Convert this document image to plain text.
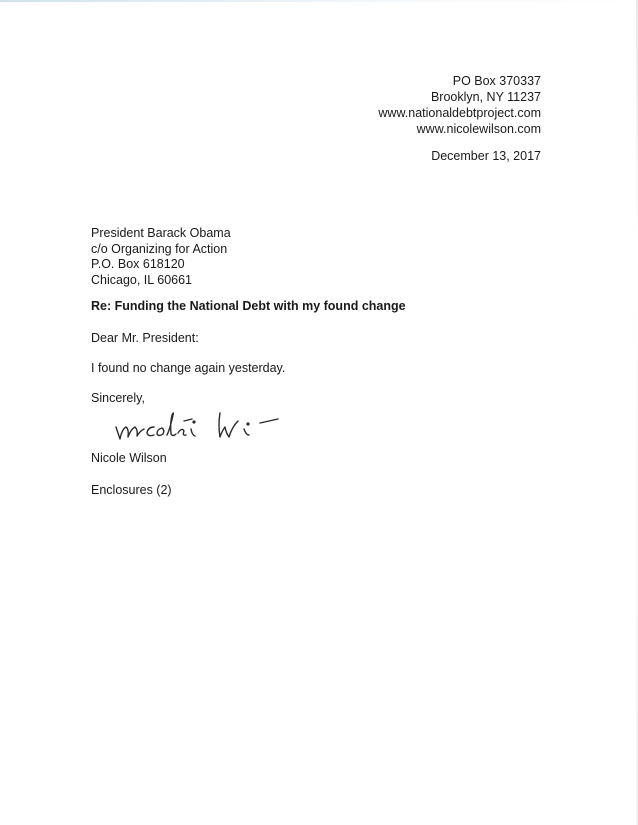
PO Box 370337
Brooklyn, NY 11237
www.nationaldebtproject.com
www.nicolewilson.com
December 13, 2017
President Barack Obama
c/o Organizing for Action
P.O. Box 618120
Chicago, IL 60661
Re: Funding the National Debt with my found change
Dear Mr. President:
I found no change again yesterday.
Sincerely,
Nicole Wilson
Nicole Wilson
Enclosures (2)
